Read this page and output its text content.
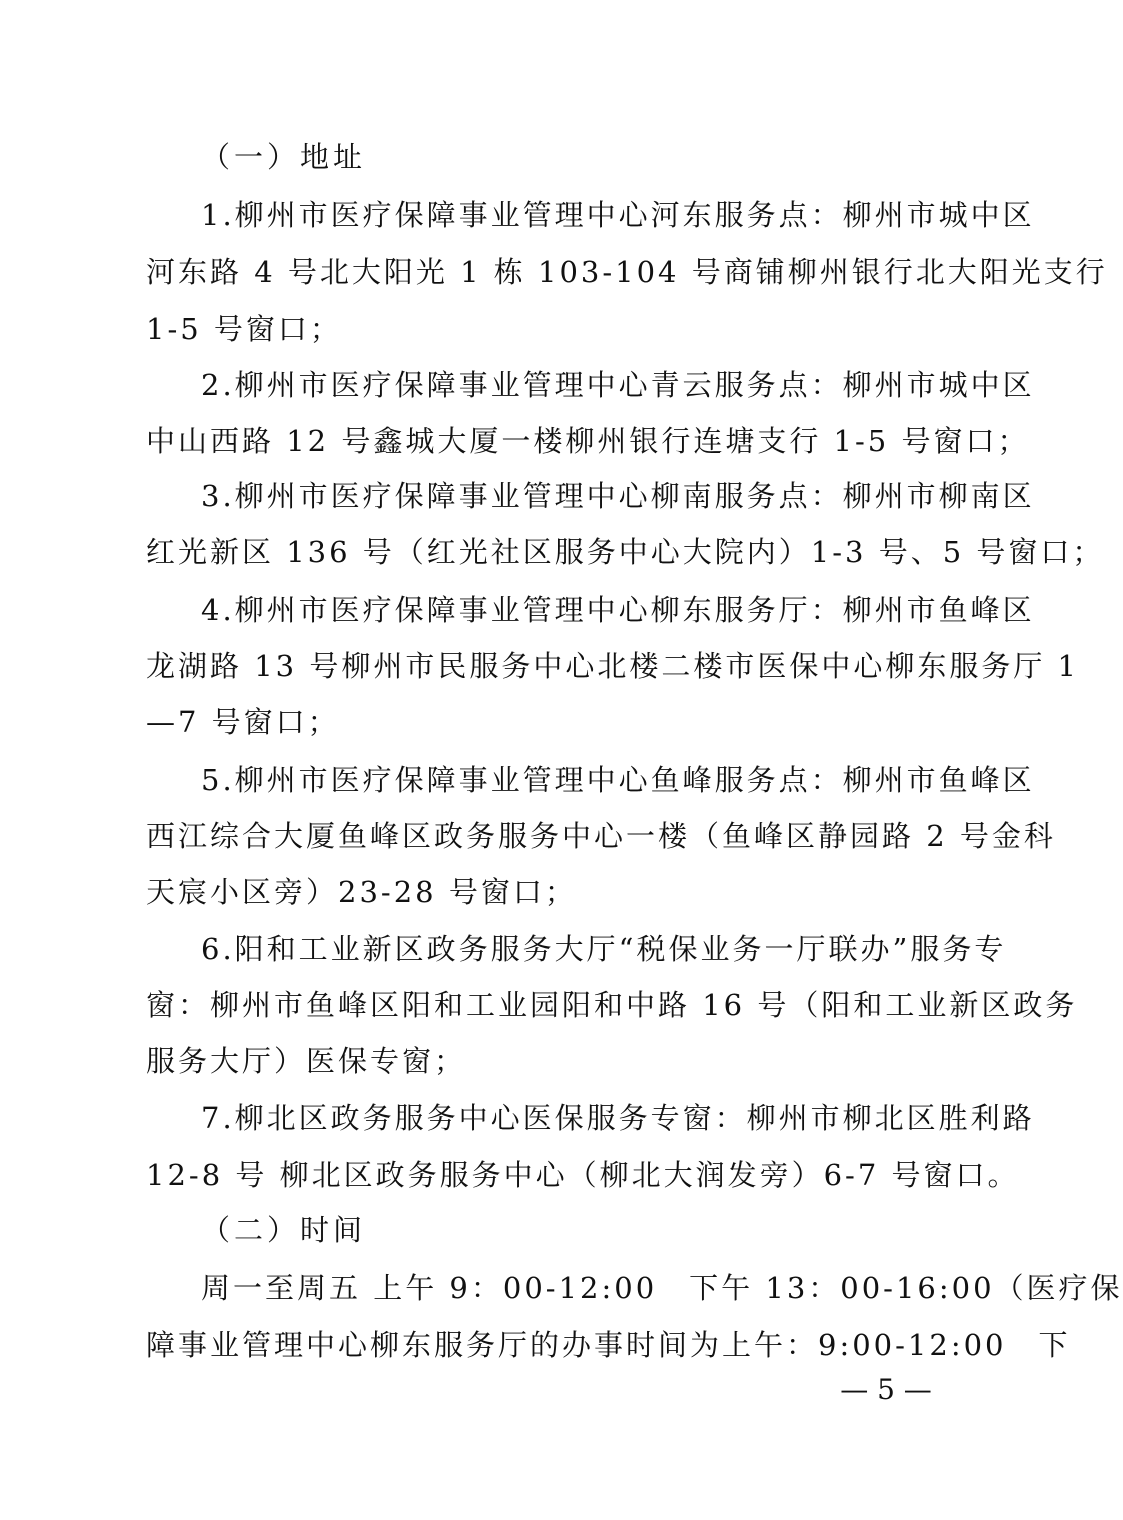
（一）地址
1.柳州市医疗保障事业管理中心河东服务点：柳州市城中区
河东路 4 号北大阳光 1 栋 103-104 号商铺柳州银行北大阳光支行
1-5 号窗口；
2.柳州市医疗保障事业管理中心青云服务点：柳州市城中区
中山西路 12 号鑫城大厦一楼柳州银行连塘支行 1-5 号窗口；
3.柳州市医疗保障事业管理中心柳南服务点：柳州市柳南区
红光新区 136 号（红光社区服务中心大院内）1-3 号、5 号窗口；
4.柳州市医疗保障事业管理中心柳东服务厅：柳州市鱼峰区
龙湖路 13 号柳州市民服务中心北楼二楼市医保中心柳东服务厅 1
—7 号窗口；
5.柳州市医疗保障事业管理中心鱼峰服务点：柳州市鱼峰区
西江综合大厦鱼峰区政务服务中心一楼（鱼峰区静园路 2 号金科
天宸小区旁）23-28 号窗口；
6.阳和工业新区政务服务大厅“税保业务一厅联办”服务专
窗：柳州市鱼峰区阳和工业园阳和中路 16 号（阳和工业新区政务
服务大厅）医保专窗；
7.柳北区政务服务中心医保服务专窗：柳州市柳北区胜利路
12-8 号 柳北区政务服务中心（柳北大润发旁）6-7 号窗口。
（二）时间
周一至周五 上午 9：00-12:00　下午 13：00-16:00（医疗保
障事业管理中心柳东服务厅的办事时间为上午：9:00-12:00　下
— 5 —
